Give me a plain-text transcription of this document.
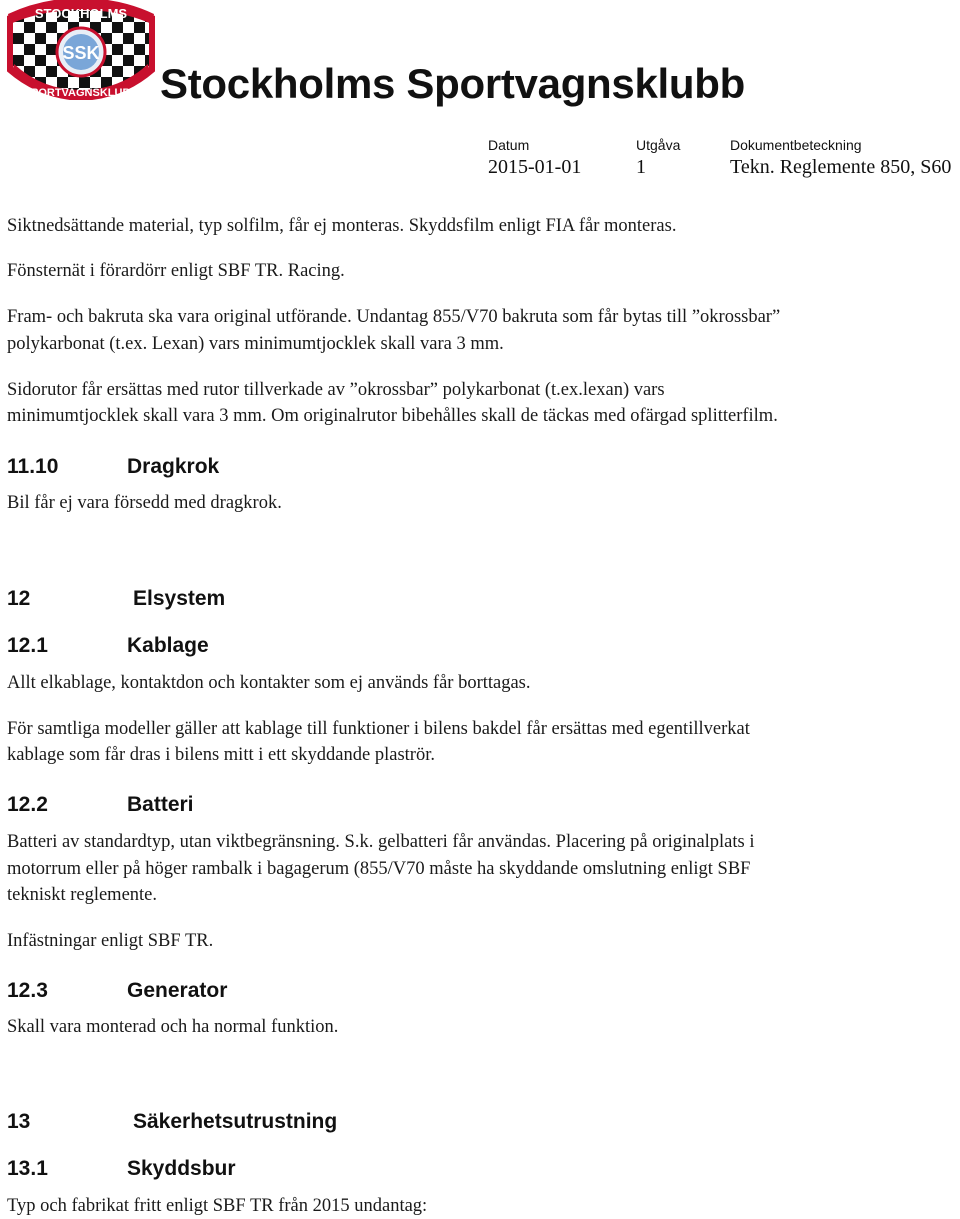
STOCKHOLMS
SPORTVAGNSKLUBB
SSK
Stockholms Sportvagnsklubb
Datum
2015-01-01
Utgåva
1
Dokumentbeteckning
Tekn. Reglemente 850, S60
Siktnedsättande material, typ solfilm, får ej monteras. Skyddsfilm enligt FIA får monteras.
Fönsternät i förardörr enligt SBF TR. Racing.
Fram- och bakruta ska vara original utförande. Undantag 855/V70 bakruta som får bytas till ”okrossbar”
polykarbonat (t.ex. Lexan) vars minimumtjocklek skall vara 3 mm.
Sidorutor får ersättas med rutor tillverkade av ”okrossbar” polykarbonat (t.ex.lexan) vars
minimumtjocklek skall vara 3 mm. Om originalrutor bibehålles skall de täckas med ofärgad splitterfilm.
11.10	Dragkrok
Bil får ej vara försedd med dragkrok.
12	Elsystem
12.1	Kablage
Allt elkablage, kontaktdon och kontakter som ej används får borttagas.
För samtliga modeller gäller att kablage till funktioner i bilens bakdel får ersättas med egentillverkat
kablage som får dras i bilens mitt i ett skyddande plaströr.
12.2	Batteri
Batteri av standardtyp, utan viktbegränsning. S.k. gelbatteri får användas. Placering på originalplats i
motorrum eller på höger rambalk i bagagerum (855/V70 måste ha skyddande omslutning enligt SBF
tekniskt reglemente.
Infästningar enligt SBF TR.
12.3	Generator
Skall vara monterad och ha normal funktion.
13	Säkerhetsutrustning
13.1	Skyddsbur
Typ och fabrikat fritt enligt SBF TR från 2015 undantag:
